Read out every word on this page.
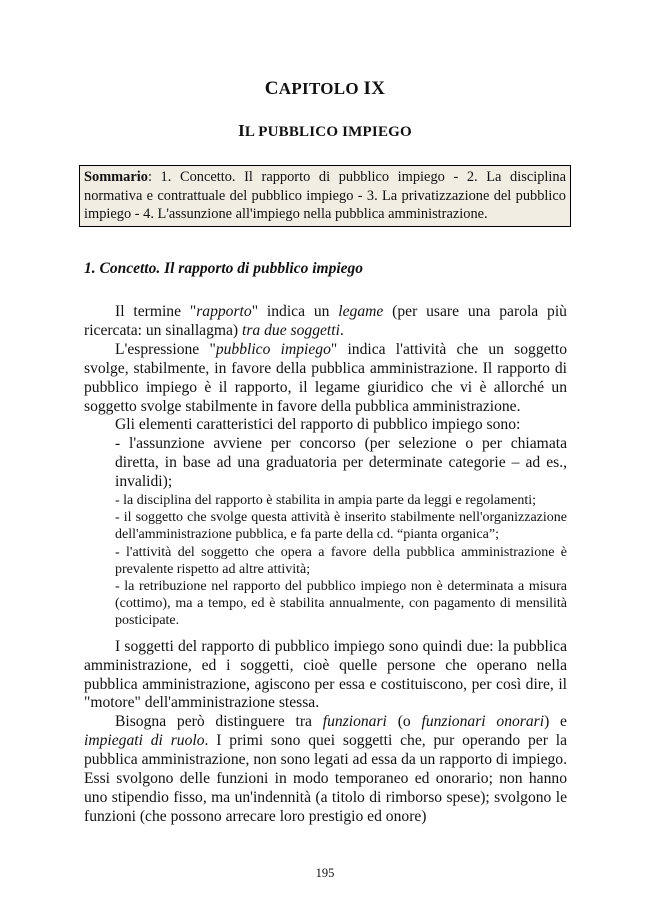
CAPITOLO IX
IL PUBBLICO IMPIEGO
Sommario: 1. Concetto. Il rapporto di pubblico impiego - 2. La disciplina normativa e contrattuale del pubblico impiego - 3. La privatizzazione del pubblico impiego - 4. L'assunzione all'impiego nella pubblica amministrazione.
1. Concetto. Il rapporto di pubblico impiego

Il termine "rapporto" indica un legame (per usare una parola più ricercata: un sinallagma) tra due soggetti.

L'espressione "pubblico impiego" indica l'attività che un soggetto svolge, stabilmente, in favore della pubblica amministrazione. Il rapporto di pubblico impiego è il rapporto, il legame giuridico che vi è allorché un soggetto svolge stabilmente in favore della pubblica amministrazione.

Gli elementi caratteristici del rapporto di pubblico impiego sono:

- l'assunzione avviene per concorso (per selezione o per chiamata diretta, in base ad una graduatoria per determinate categorie – ad es., invalidi);
- la disciplina del rapporto è stabilita in ampia parte da leggi e regolamenti;
- il soggetto che svolge questa attività è inserito stabilmente nell'organizzazione dell'amministrazione pubblica, e fa parte della cd. “pianta organica”;
- l'attività del soggetto che opera a favore della pubblica amministrazione è prevalente rispetto ad altre attività;
- la retribuzione nel rapporto del pubblico impiego non è determinata a misura (cottimo), ma a tempo, ed è stabilita annualmente, con pagamento di mensilità posticipate.

I soggetti del rapporto di pubblico impiego sono quindi due: la pubblica amministrazione, ed i soggetti, cioè quelle persone che operano nella pubblica amministrazione, agiscono per essa e costituiscono, per così dire, il "motore" dell'amministrazione stessa.

Bisogna però distinguere tra funzionari (o funzionari onorari) e impiegati di ruolo. I primi sono quei soggetti che, pur operando per la pubblica amministrazione, non sono legati ad essa da un rapporto di impiego. Essi svolgono delle funzioni in modo temporaneo ed onorario; non hanno uno stipendio fisso, ma un'indennità (a titolo di rimborso spese); svolgono le funzioni (che possono arrecare loro prestigio ed onore)

195
